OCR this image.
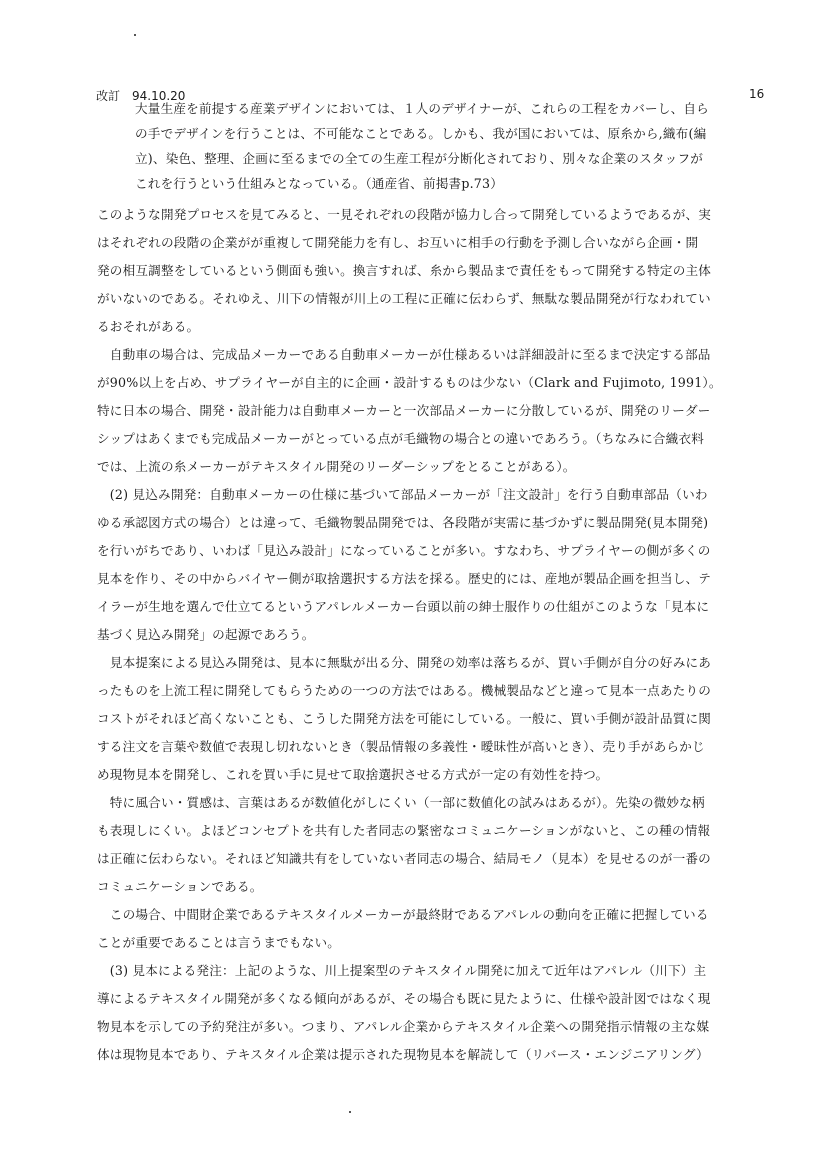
改訂　94.10.20	16
大量生産を前提する産業デザインにおいては、１人のデザイナーが、これらの工程をカバーし、自ら
の手でデザインを行うことは、不可能なことである。しかも、我が国においては、原糸から,織布(編
立)、染色、整理、企画に至るまでの全ての生産工程が分断化されており、別々な企業のスタッフが
これを行うという仕組みとなっている。（通産省、前掲書p.73）
このような開発プロセスを見てみると、一見それぞれの段階が協力し合って開発しているようであるが、実
はそれぞれの段階の企業がが重複して開発能力を有し、お互いに相手の行動を予測し合いながら企画・開
発の相互調整をしているという側面も強い。換言すれば、糸から製品まで責任をもって開発する特定の主体
がいないのである。それゆえ、川下の情報が川上の工程に正確に伝わらず、無駄な製品開発が行なわれてい
るおそれがある。
　自動車の場合は、完成品メーカーである自動車メーカーが仕様あるいは詳細設計に至るまで決定する部品
が90%以上を占め、サプライヤーが自主的に企画・設計するものは少ない（Clark and Fujimoto, 1991）。
特に日本の場合、開発・設計能力は自動車メーカーと一次部品メーカーに分散しているが、開発のリーダー
シップはあくまでも完成品メーカーがとっている点が毛織物の場合との違いであろう。（ちなみに合織衣料
では、上流の糸メーカーがテキスタイル開発のリーダーシップをとることがある）。
　(2) 見込み開発：自動車メーカーの仕様に基づいて部品メーカーが「注文設計」を行う自動車部品（いわ
ゆる承認図方式の場合）とは違って、毛織物製品開発では、各段階が実需に基づかずに製品開発(見本開発)
を行いがちであり、いわば「見込み設計」になっていることが多い。すなわち、サプライヤーの側が多くの
見本を作り、その中からバイヤー側が取捨選択する方法を採る。歴史的には、産地が製品企画を担当し、テ
イラーが生地を選んで仕立てるというアパレルメーカー台頭以前の紳士服作りの仕組がこのような「見本に
基づく見込み開発」の起源であろう。
　見本提案による見込み開発は、見本に無駄が出る分、開発の効率は落ちるが、買い手側が自分の好みにあ
ったものを上流工程に開発してもらうための一つの方法ではある。機械製品などと違って見本一点あたりの
コストがそれほど高くないことも、こうした開発方法を可能にしている。一般に、買い手側が設計品質に関
する注文を言葉や数値で表現し切れないとき（製品情報の多義性・曖昧性が高いとき）、売り手があらかじ
め現物見本を開発し、これを買い手に見せて取捨選択させる方式が一定の有効性を持つ。
　特に風合い・質感は、言葉はあるが数値化がしにくい（一部に数値化の試みはあるが）。先染の微妙な柄
も表現しにくい。よほどコンセプトを共有した者同志の緊密なコミュニケーションがないと、この種の情報
は正確に伝わらない。それほど知識共有をしていない者同志の場合、結局モノ（見本）を見せるのが一番の
コミュニケーションである。
　この場合、中間財企業であるテキスタイルメーカーが最終財であるアパレルの動向を正確に把握している
ことが重要であることは言うまでもない。
　(3) 見本による発注：上記のような、川上提案型のテキスタイル開発に加えて近年はアパレル（川下）主
導によるテキスタイル開発が多くなる傾向があるが、その場合も既に見たように、仕様や設計図ではなく現
物見本を示しての予約発注が多い。つまり、アパレル企業からテキスタイル企業への開発指示情報の主な媒
体は現物見本であり、テキスタイル企業は提示された現物見本を解読して（リバース・エンジニアリング）
